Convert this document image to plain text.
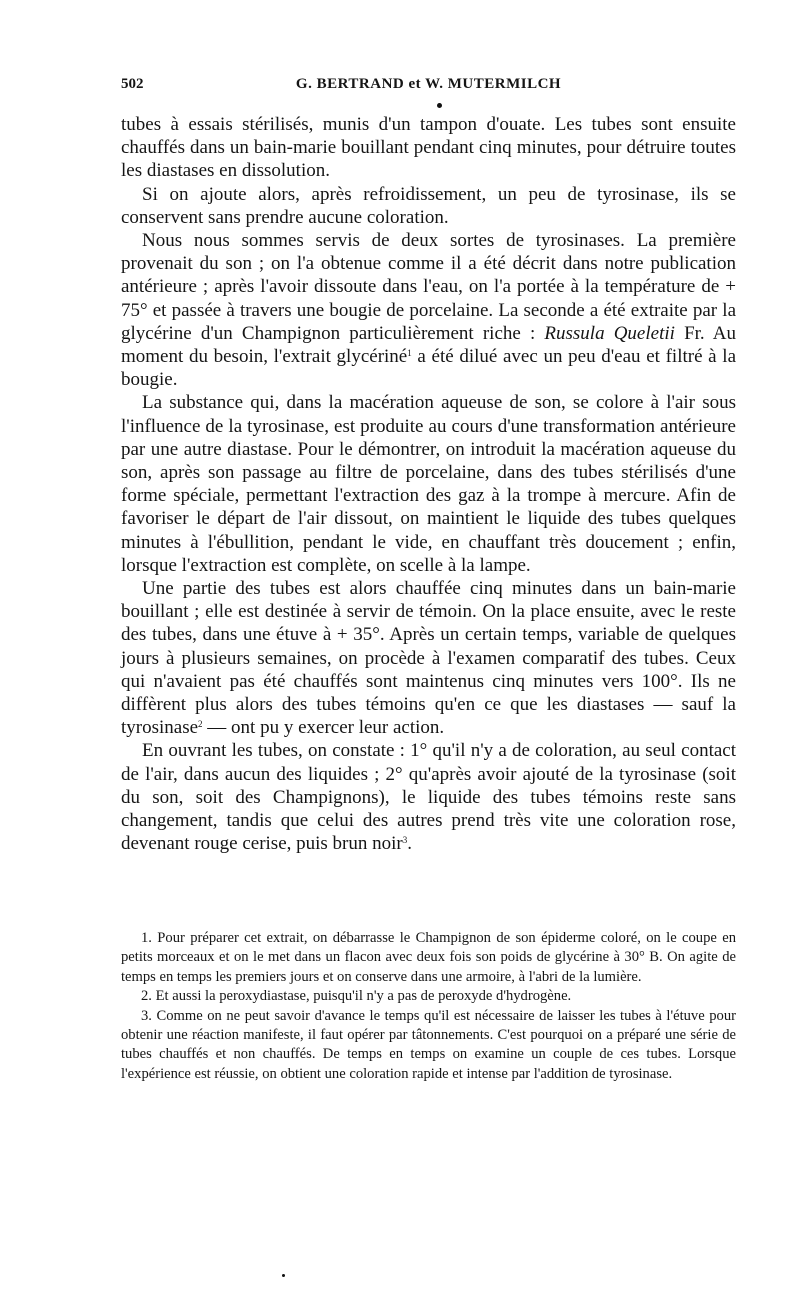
502	G. BERTRAND et W. MUTERMILCH

tubes à essais stérilisés, munis d'un tampon d'ouate. Les tubes sont ensuite chauffés dans un bain-marie bouillant pendant cinq minutes, pour détruire toutes les diastases en dissolution.

Si on ajoute alors, après refroidissement, un peu de tyrosinase, ils se conservent sans prendre aucune coloration.

Nous nous sommes servis de deux sortes de tyrosinases. La première provenait du son ; on l'a obtenue comme il a été décrit dans notre publication antérieure ; après l'avoir dissoute dans l'eau, on l'a portée à la température de + 75° et passée à travers une bougie de porcelaine. La seconde a été extraite par la glycérine d'un Champignon particulièrement riche : Russula Queletii Fr. Au moment du besoin, l'extrait glycériné$^1$ a été dilué avec un peu d'eau et filtré à la bougie.

La substance qui, dans la macération aqueuse de son, se colore à l'air sous l'influence de la tyrosinase, est produite au cours d'une transformation antérieure par une autre diastase. Pour le démontrer, on introduit la macération aqueuse du son, après son passage au filtre de porcelaine, dans des tubes stérilisés d'une forme spéciale, permettant l'extraction des gaz à la trompe à mercure. Afin de favoriser le départ de l'air dissout, on maintient le liquide des tubes quelques minutes à l'ébullition, pendant le vide, en chauffant très doucement ; enfin, lorsque l'extraction est complète, on scelle à la lampe.

Une partie des tubes est alors chauffée cinq minutes dans un bain-marie bouillant ; elle est destinée à servir de témoin. On la place ensuite, avec le reste des tubes, dans une étuve à + 35°. Après un certain temps, variable de quelques jours à plusieurs semaines, on procède à l'examen comparatif des tubes. Ceux qui n'avaient pas été chauffés sont maintenus cinq minutes vers 100°. Ils ne diffèrent plus alors des tubes témoins qu'en ce que les diastases — sauf la tyrosinase$^2$ — ont pu y exercer leur action.

En ouvrant les tubes, on constate : 1° qu'il n'y a de coloration, au seul contact de l'air, dans aucun des liquides ; 2° qu'après avoir ajouté de la tyrosinase (soit du son, soit des Champignons), le liquide des tubes témoins reste sans changement, tandis que celui des autres prend très vite une coloration rose, devenant rouge cerise, puis brun noir$^3$.

1. Pour préparer cet extrait, on débarrasse le Champignon de son épiderme coloré, on le coupe en petits morceaux et on le met dans un flacon avec deux fois son poids de glycérine à 30° B. On agite de temps en temps les premiers jours et on conserve dans une armoire, à l'abri de la lumière.

2. Et aussi la peroxydiastase, puisqu'il n'y a pas de peroxyde d'hydrogène.

3. Comme on ne peut savoir d'avance le temps qu'il est nécessaire de laisser les tubes à l'étuve pour obtenir une réaction manifeste, il faut opérer par tâtonnements. C'est pourquoi on a préparé une série de tubes chauffés et non chauffés. De temps en temps on examine un couple de ces tubes. Lorsque l'expérience est réussie, on obtient une coloration rapide et intense par l'addition de tyrosinase.
